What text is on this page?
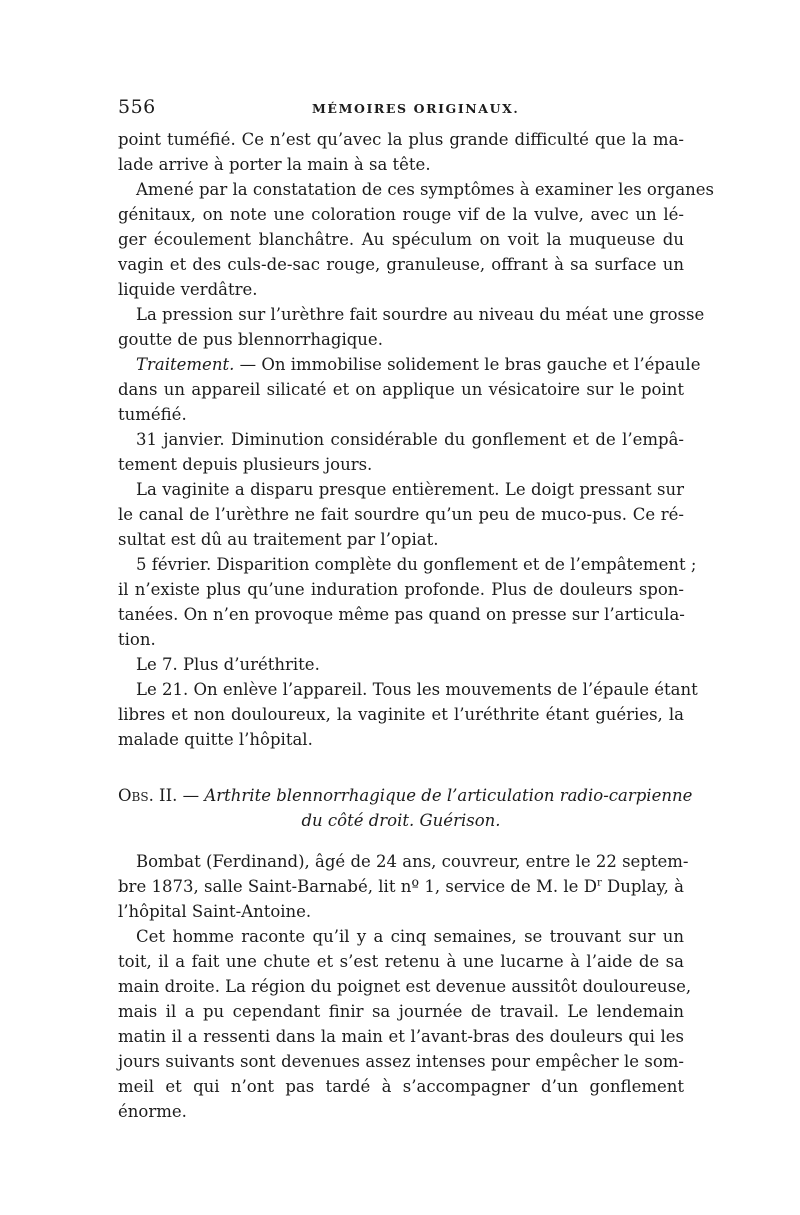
556	MÉMOIRES ORIGINAUX.
point tuméfié. Ce n’est qu’avec la plus grande difficulté que la ma-
lade arrive à porter la main à sa tête.
Amené par la constatation de ces symptômes à examiner les organes
génitaux, on note une coloration rouge vif de la vulve, avec un lé-
ger écoulement blanchâtre. Au spéculum on voit la muqueuse du
vagin et des culs-de-sac rouge, granuleuse, offrant à sa surface un
liquide verdâtre.
La pression sur l’urèthre fait sourdre au niveau du méat une grosse
goutte de pus blennorrhagique.
Traitement. — On immobilise solidement le bras gauche et l’épaule
dans un appareil silicaté et on applique un vésicatoire sur le point
tuméfié.
31 janvier. Diminution considérable du gonflement et de l’empâ-
tement depuis plusieurs jours.
La vaginite a disparu presque entièrement. Le doigt pressant sur
le canal de l’urèthre ne fait sourdre qu’un peu de muco-pus. Ce ré-
sultat est dû au traitement par l’opiat.
5 février. Disparition complète du gonflement et de l’empâtement ;
il n’existe plus qu’une induration profonde. Plus de douleurs spon-
tanées. On n’en provoque même pas quand on presse sur l’articula-
tion.
Le 7. Plus d’uréthrite.
Le 21. On enlève l’appareil. Tous les mouvements de l’épaule étant
libres et non douloureux, la vaginite et l’uréthrite étant guéries, la
malade quitte l’hôpital.
Obs. II. — Arthrite blennorrhagique de l’articulation radio-carpienne
du côté droit. Guérison.
Bombat (Ferdinand), âgé de 24 ans, couvreur, entre le 22 septem-
bre 1873, salle Saint-Barnabé, lit nº 1, service de M. le $D^r$ Duplay, à
l’hôpital Saint-Antoine.
Cet homme raconte qu’il y a cinq semaines, se trouvant sur un
toit, il a fait une chute et s’est retenu à une lucarne à l’aide de sa
main droite. La région du poignet est devenue aussitôt douloureuse,
mais il a pu cependant finir sa journée de travail. Le lendemain
matin il a ressenti dans la main et l’avant-bras des douleurs qui les
jours suivants sont devenues assez intenses pour empêcher le som-
meil et qui n’ont pas tardé à s’accompagner d’un gonflement
énorme.
